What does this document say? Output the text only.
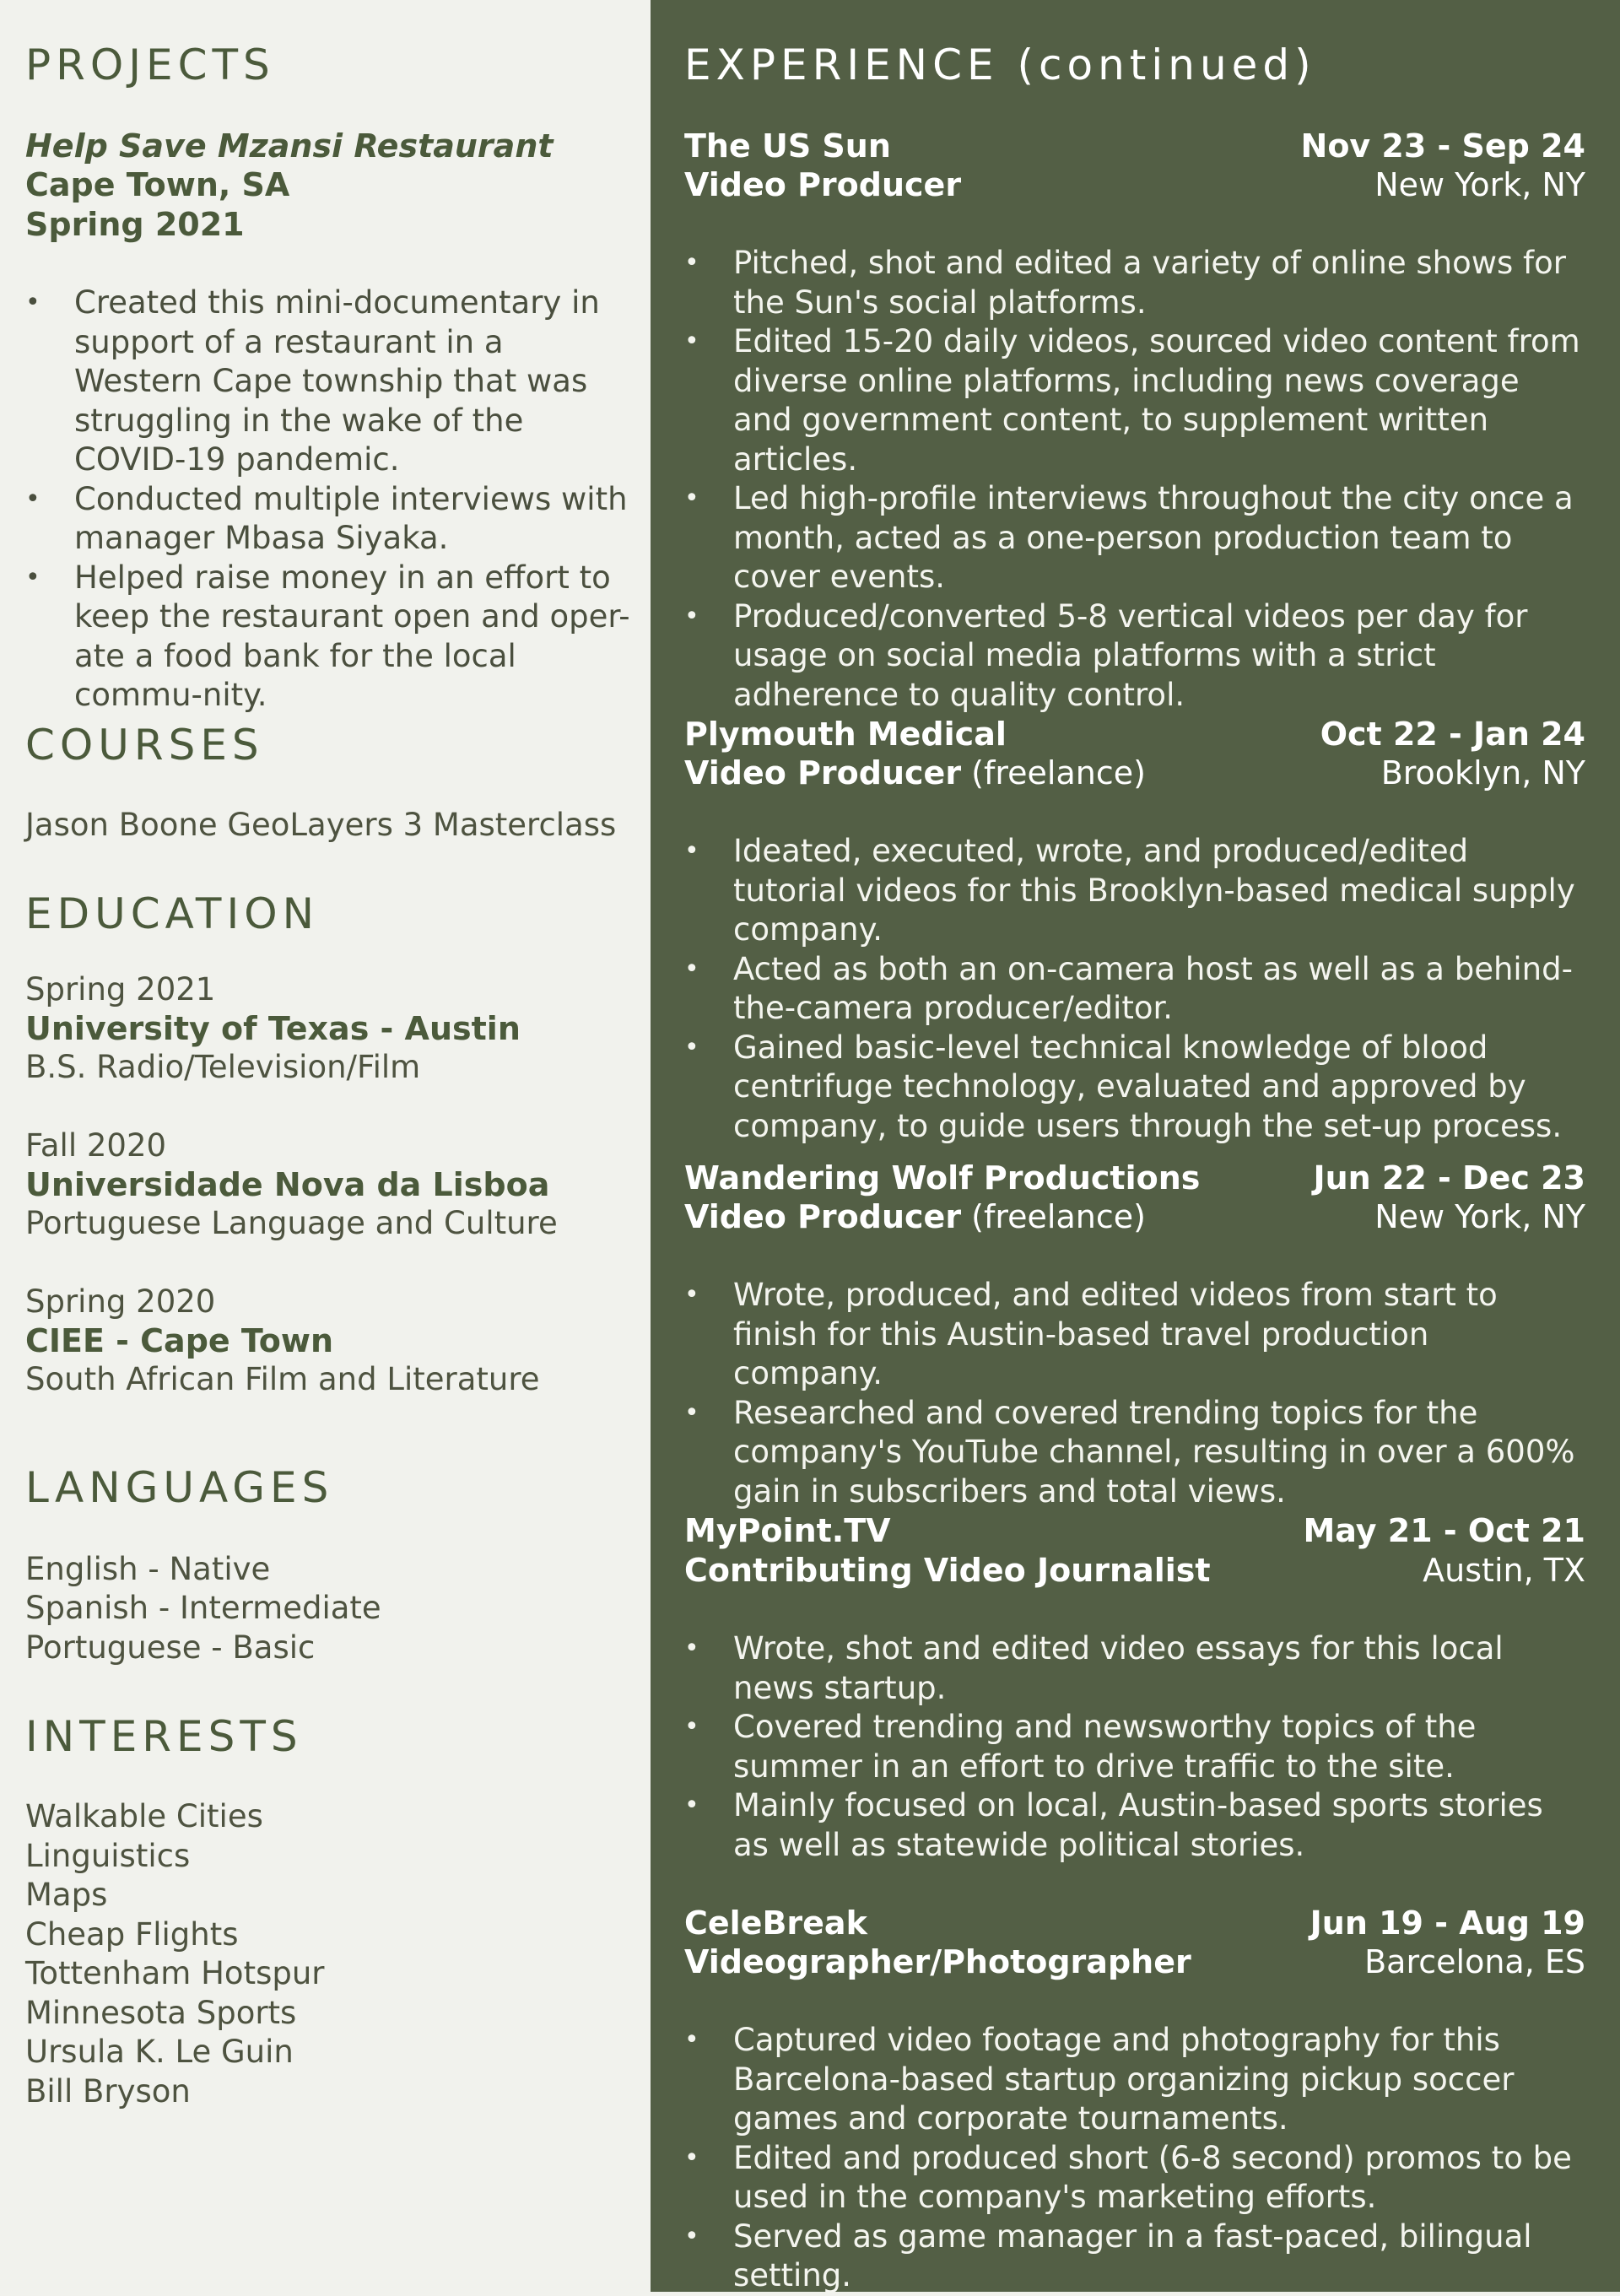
PROJECTS
Help Save Mzansi Restaurant
Cape Town, SA
Spring 2021
• Created this mini-documentary in support of a restaurant in a Western Cape township that was struggling in the wake of the COVID-19 pandemic.
• Conducted multiple interviews with manager Mbasa Siyaka.
• Helped raise money in an effort to keep the restaurant open and oper-ate a food bank for the local commu-nity.
COURSES
Jason Boone GeoLayers 3 Masterclass
EDUCATION
Spring 2021
University of Texas - Austin
B.S. Radio/Television/Film
Fall 2020
Universidade Nova da Lisboa
Portuguese Language and Culture
Spring 2020
CIEE - Cape Town
South African Film and Literature
LANGUAGES
English - Native
Spanish - Intermediate
Portuguese - Basic
INTERESTS
Walkable Cities
Linguistics
Maps
Cheap Flights
Tottenham Hotspur
Minnesota Sports
Ursula K. Le Guin
Bill Bryson
EXPERIENCE (continued)
The US Sun	Nov 23 - Sep 24
Video Producer	New York, NY
• Pitched, shot and edited a variety of online shows for the Sun's social platforms.
• Edited 15-20 daily videos, sourced video content from diverse online platforms, including news coverage and government content, to supplement written articles.
• Led high-profile interviews throughout the city once a month, acted as a one-person production team to cover events.
• Produced/converted 5-8 vertical videos per day for usage on social media platforms with a strict adherence to quality control.
Plymouth Medical	Oct 22 - Jan 24
Video Producer (freelance)	Brooklyn, NY
• Ideated, executed, wrote, and produced/edited tutorial videos for this Brooklyn-based medical supply company.
• Acted as both an on-camera host as well as a behind-the-camera producer/editor.
• Gained basic-level technical knowledge of blood centrifuge technology, evaluated and approved by company, to guide users through the set-up process.
Wandering Wolf Productions	Jun 22 - Dec 23
Video Producer (freelance)	New York, NY
• Wrote, produced, and edited videos from start to finish for this Austin-based travel production company.
• Researched and covered trending topics for the company's YouTube channel, resulting in over a 600% gain in subscribers and total views.
MyPoint.TV	May 21 - Oct 21
Contributing Video Journalist	Austin, TX
• Wrote, shot and edited video essays for this local news startup.
• Covered trending and newsworthy topics of the summer in an effort to drive traffic to the site.
• Mainly focused on local, Austin-based sports stories as well as statewide political stories.
CeleBreak	Jun 19 - Aug 19
Videographer/Photographer	Barcelona, ES
• Captured video footage and photography for this Barcelona-based startup organizing pickup soccer games and corporate tournaments.
• Edited and produced short (6-8 second) promos to be used in the company's marketing efforts.
• Served as game manager in a fast-paced, bilingual setting.
